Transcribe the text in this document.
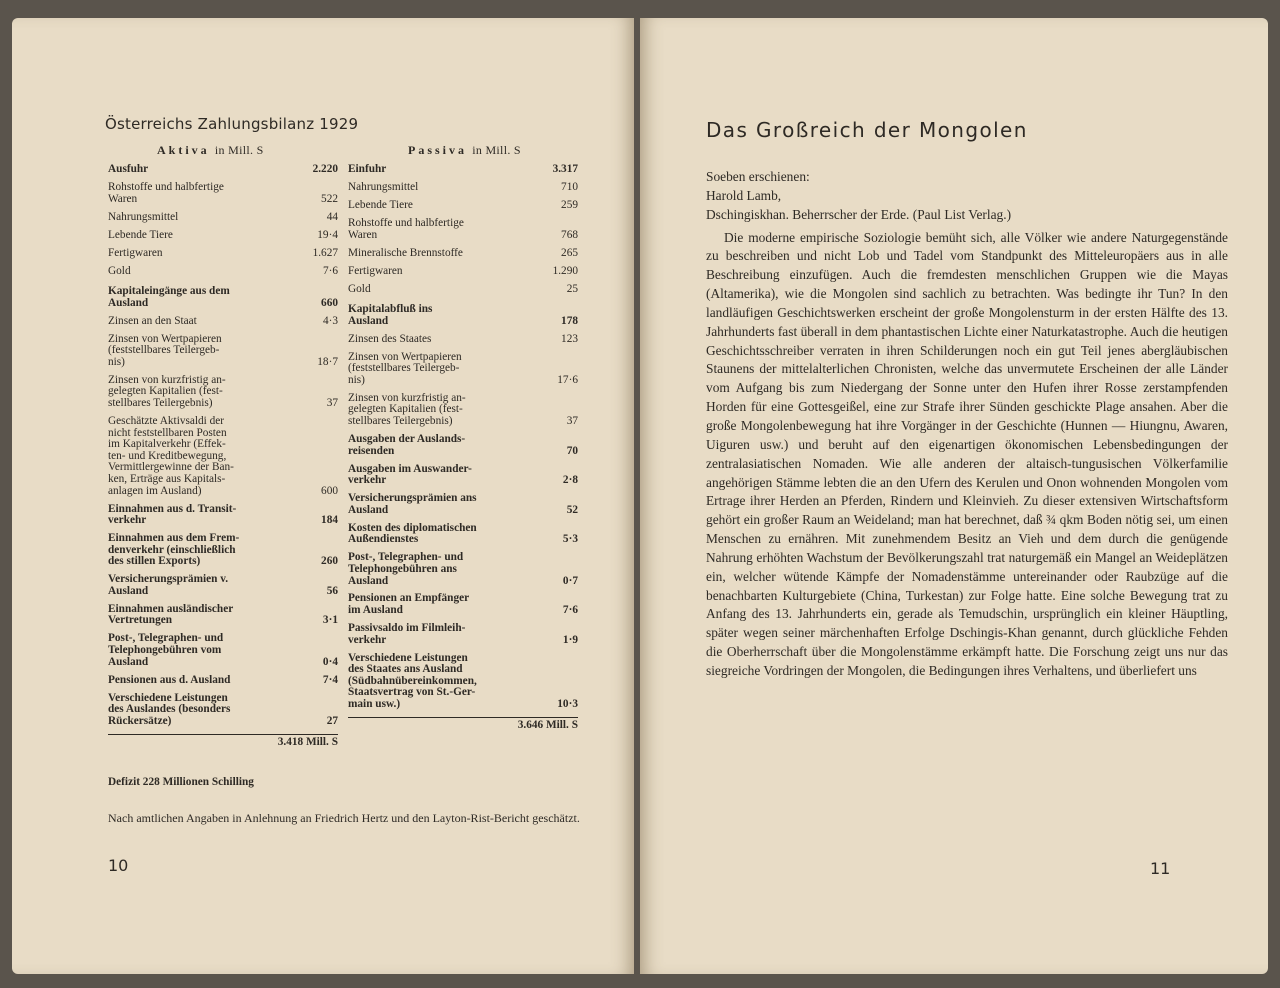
Österreichs Zahlungsbilanz 1929
Aktiva in Mill. S	Passiva in Mill. S
Ausfuhr	2.220
Rohstoffe und halbfertige
Waren	522
Nahrungsmittel	44
Lebende Tiere	19·4
Fertigwaren	1.627
Gold	7·6
Kapitaleingänge aus dem
Ausland	660
Zinsen an den Staat	4·3
Zinsen von Wertpapieren
(feststellbares Teilergeb-
nis)	18·7
Zinsen von kurzfristig an-
gelegten Kapitalien (fest-
stellbares Teilergebnis)	37
Geschätzte Aktivsaldi der
nicht feststellbaren Posten
im Kapitalverkehr (Effek-
ten- und Kreditbewegung,
Vermittlergewinne der Ban-
ken, Erträge aus Kapitals-
anlagen im Ausland)	600
Einnahmen aus d. Transit-
verkehr	184
Einnahmen aus dem Frem-
denverkehr (einschließlich
des stillen Exports)	260
Versicherungsprämien v.
Ausland	56
Einnahmen ausländischer
Vertretungen	3·1
Post-, Telegraphen- und
Telephongebühren vom
Ausland	0·4
Pensionen aus d. Ausland	7·4
Verschiedene Leistungen
des Auslandes (besonders
Rückersätze)	27
3.418 Mill. S
Einfuhr	3.317
Nahrungsmittel	710
Lebende Tiere	259
Rohstoffe und halbfertige
Waren	768
Mineralische Brennstoffe	265
Fertigwaren	1.290
Gold	25
Kapitalabfluß ins
Ausland	178
Zinsen des Staates	123
Zinsen von Wertpapieren
(feststellbares Teilergeb-
nis)	17·6
Zinsen von kurzfristig an-
gelegten Kapitalien (fest-
stellbares Teilergebnis)	37
Ausgaben der Auslands-
reisenden	70
Ausgaben im Auswander-
verkehr	2·8
Versicherungsprämien ans
Ausland	52
Kosten des diplomatischen
Außendienstes	5·3
Post-, Telegraphen- und
Telephongebühren ans
Ausland	0·7
Pensionen an Empfänger
im Ausland	7·6
Passivsaldo im Filmleih-
verkehr	1·9
Verschiedene Leistungen
des Staates ans Ausland
(Südbahnübereinkommen,
Staatsvertrag von St.-Ger-
main usw.)	10·3
3.646 Mill. S
Defizit 228 Millionen Schilling
Nach amtlichen Angaben in Anlehnung an Friedrich Hertz und den Layton-Rist-Bericht geschätzt.
10
Das Großreich der Mongolen
Soeben erschienen:
Harold Lamb,
Dschingiskhan. Beherrscher der Erde. (Paul List Verlag.)

Die moderne empirische Soziologie bemüht sich, alle Völker wie andere Naturgegenstände zu beschreiben und nicht Lob und Tadel vom Standpunkt des Mitteleuropäers aus in alle Beschreibung einzufügen. Auch die fremdesten menschlichen Gruppen wie die Mayas (Altamerika), wie die Mongolen sind sachlich zu betrachten. Was bedingte ihr Tun? In den landläufigen Geschichtswerken erscheint der große Mongolensturm in der ersten Hälfte des 13. Jahrhunderts fast überall in dem phantastischen Lichte einer Naturkatastrophe. Auch die heutigen Geschichtsschreiber verraten in ihren Schilderungen noch ein gut Teil jenes abergläubischen Staunens der mittelalterlichen Chronisten, welche das unvermutete Erscheinen der alle Länder vom Aufgang bis zum Niedergang der Sonne unter den Hufen ihrer Rosse zerstampfenden Horden für eine Gottesgeißel, eine zur Strafe ihrer Sünden geschickte Plage ansahen. Aber die große Mongolenbewegung hat ihre Vorgänger in der Geschichte (Hunnen — Hiungnu, Awaren, Uiguren usw.) und beruht auf den eigenartigen ökonomischen Lebensbedingungen der zentralasiatischen Nomaden. Wie alle anderen der altaisch-tungusischen Völkerfamilie angehörigen Stämme lebten die an den Ufern des Kerulen und Onon wohnenden Mongolen vom Ertrage ihrer Herden an Pferden, Rindern und Kleinvieh. Zu dieser extensiven Wirtschaftsform gehört ein großer Raum an Weideland; man hat berechnet, daß ¾ qkm Boden nötig sei, um einen Menschen zu ernähren. Mit zunehmendem Besitz an Vieh und dem durch die genügende Nahrung erhöhten Wachstum der Bevölkerungszahl trat naturgemäß ein Mangel an Weideplätzen ein, welcher wütende Kämpfe der Nomadenstämme untereinander oder Raubzüge auf die benachbarten Kulturgebiete (China, Turkestan) zur Folge hatte. Eine solche Bewegung trat zu Anfang des 13. Jahrhunderts ein, gerade als Temudschin, ursprünglich ein kleiner Häuptling, später wegen seiner märchenhaften Erfolge Dschingis-Khan genannt, durch glückliche Fehden die Oberherrschaft über die Mongolenstämme erkämpft hatte. Die Forschung zeigt uns nur das siegreiche Vordringen der Mongolen, die Bedingungen ihres Verhaltens, und überliefert uns

11
